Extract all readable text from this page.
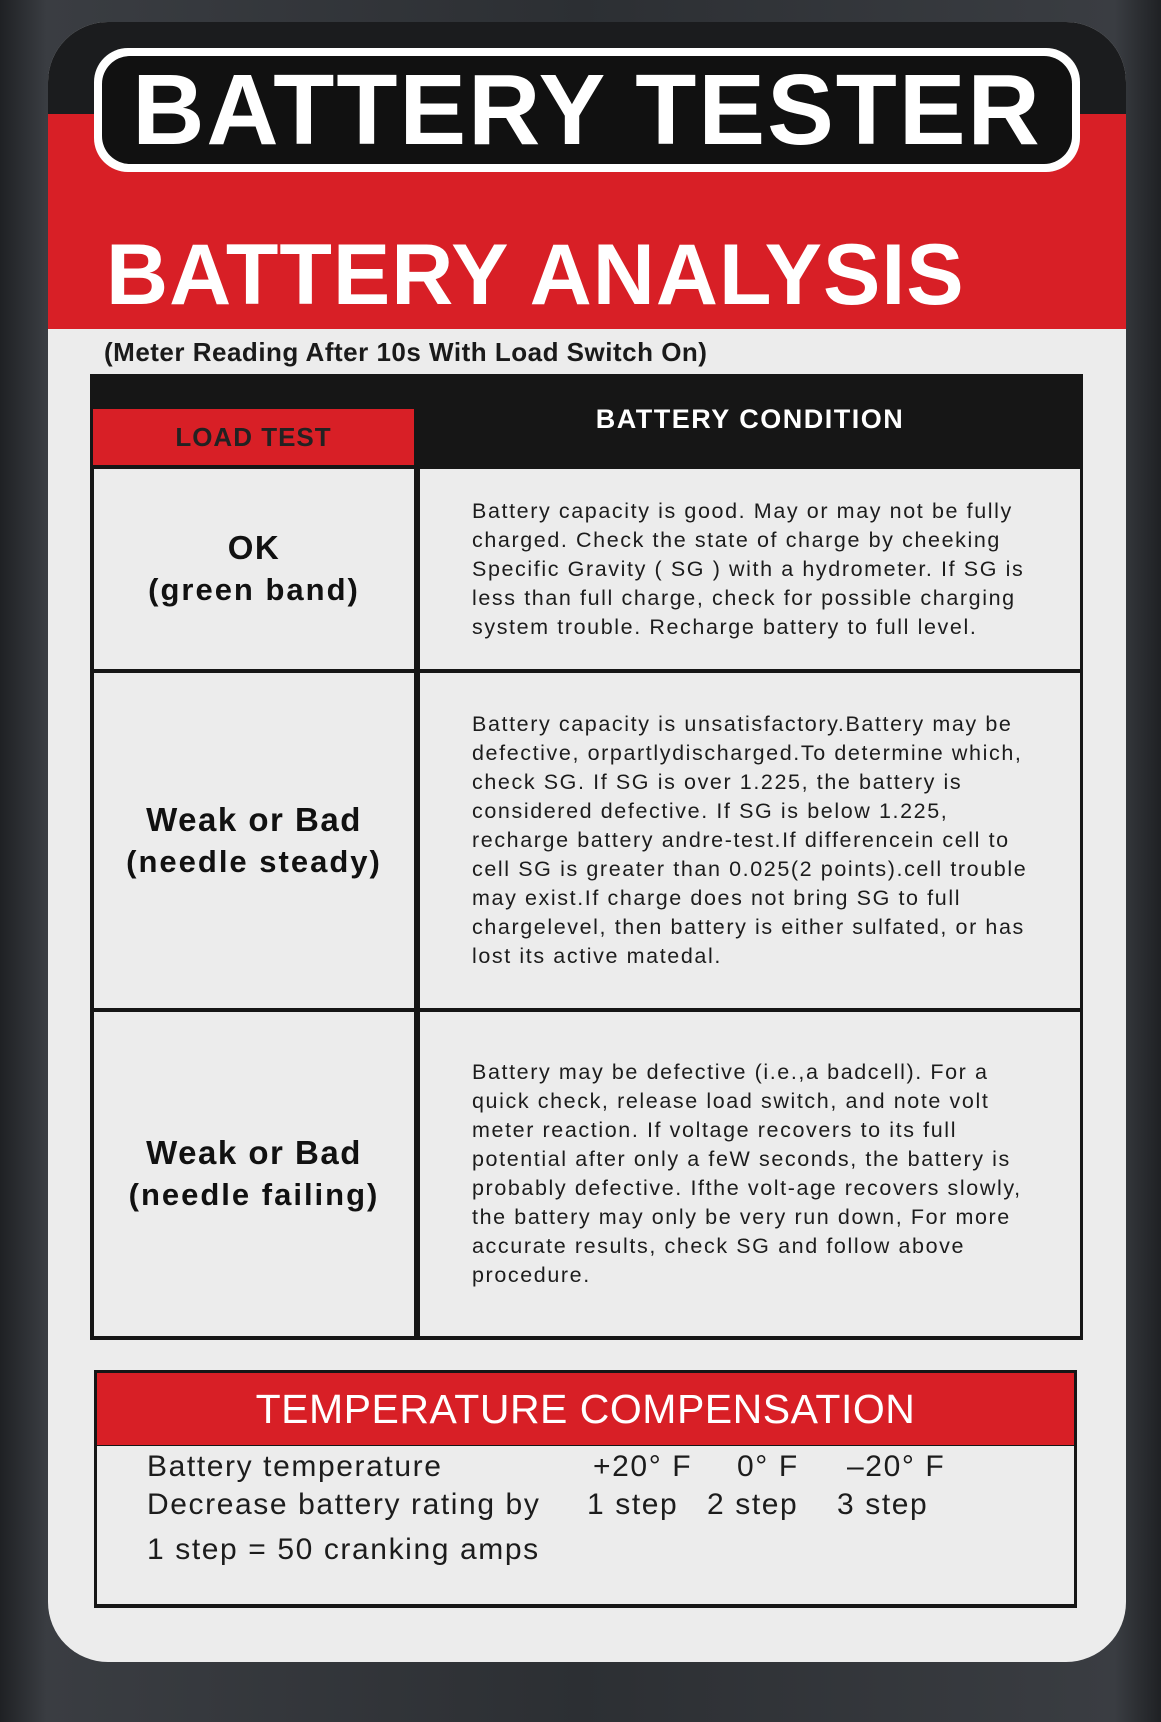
BATTERY TESTER
BATTERY ANALYSIS
(Meter Reading After 10s With Load Switch On)
LOAD TEST
BATTERY CONDITION
OK
(green band)
Battery capacity is good. May or may not be fully charged. Check the state of charge by cheeking Specific Gravity ( SG ) with a hydrometer. If SG is less than full charge, check for possible charging system trouble. Recharge battery to full level.
Weak or Bad
(needle steady)
Battery capacity is unsatisfactory.Battery may be defective, orpartlydischarged.To determine which, check SG. If SG is over 1.225, the battery is considered defective. If SG is below 1.225, recharge battery andre-test.If differencein cell to cell SG is greater than 0.025(2 points).cell trouble may exist.If charge does not bring SG to full chargelevel, then battery is either sulfated, or has lost its active matedal.
Weak or Bad
(needle failing)
Battery may be defective (i.e.,a badcell). For a quick check, release load switch, and note volt meter reaction. If voltage recovers to its full potential after only a feW seconds, the battery is probably defective. Ifthe volt-age recovers slowly, the battery may only be very run down, For more accurate results, check SG and follow above procedure.
TEMPERATURE COMPENSATION
Battery temperature	+20° F 0° F –20° F
Decrease battery rating by 1 step 2 step 3 step
1 step = 50 cranking amps
